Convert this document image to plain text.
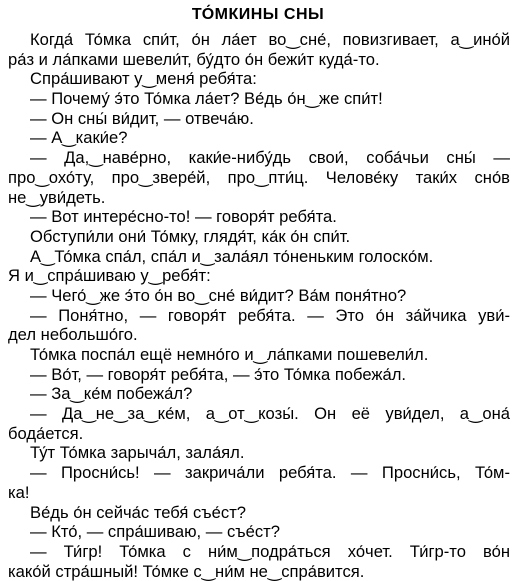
ТО́МКИНЫ СНЫ
Когда́ То́мка спи́т, о́н ла́ет во‿сне́, повизгивает, а‿ино́й
ра́з и ла́пками шевели́т, бу́дто о́н бежи́т куда́-то.
Спра́шивают у‿меня́ ребя́та:
— Почему́ э́то То́мка ла́ет? Ве́дь о́н‿же спи́т!
— Он сны́ ви́дит, — отвеча́ю.
— А‿каки́е?
— Да,‿наве́рно, каки́е-нибу́дь свои́, соба́чьи сны́ —
про‿охо́ту, про‿звере́й, про‿пти́ц. Челове́ку таки́х сно́в
не‿уви́деть.
— Вот интере́сно-то! — говоря́т ребя́та.
Обступи́ли они́ То́мку, глядя́т, ка́к о́н спи́т.
А‿То́мка спа́л, спа́л и‿зала́ял то́неньким голоско́м.
Я и‿спра́шиваю у‿ребя́т:
— Чего́‿же э́то о́н во‿сне́ ви́дит? Ва́м поня́тно?
— Поня́тно, — говоря́т ребя́та. — Это о́н за́йчика уви́-
дел небольшо́го.
То́мка поспа́л ещё немно́го и‿ла́пками пошевели́л.
— Во́т, — говоря́т ребя́та, — э́то То́мка побежа́л.
— За‿ке́м побежа́л?
— Да‿не‿за‿ке́м, а‿от‿козы́. Он её уви́дел, а‿она́
бода́ется.
Ту́т То́мка зарыча́л, зала́ял.
— Просни́сь! — закрича́ли ребя́та. — Просни́сь, То́м-
ка!
Ве́дь о́н сейча́с тебя́ съе́ст?
— Кто́, — спра́шиваю, — съе́ст?
— Ти́гр! То́мка с ни́м‿подра́ться хо́чет. Ти́гр-то во́н
како́й стра́шный! То́мке с‿ни́м не‿спра́вится.
